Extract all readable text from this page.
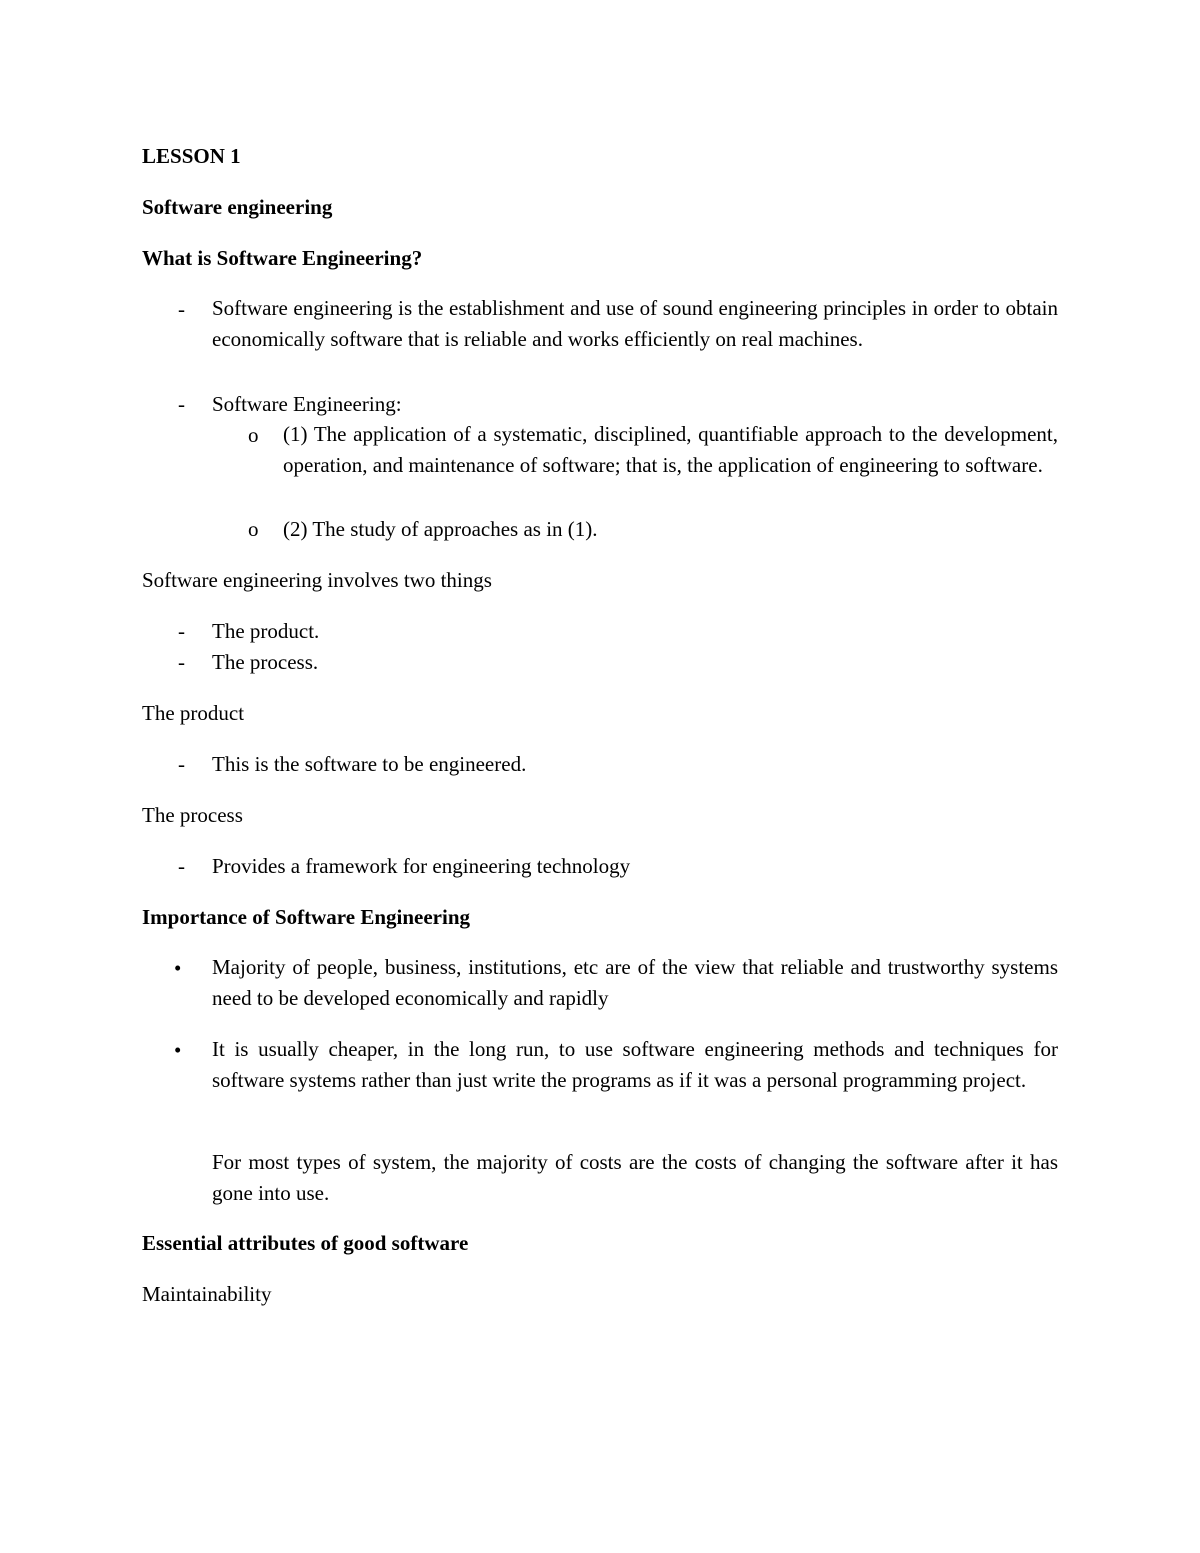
LESSON 1
Software engineering
What is Software Engineering?
- Software engineering is the establishment and use of sound engineering principles in order to obtain economically software that is reliable and works efficiently on real machines.
- Software Engineering:
o (1) The application of a systematic, disciplined, quantifiable approach to the development, operation, and maintenance of software; that is, the application of engineering to software.
o (2) The study of approaches as in (1).
Software engineering involves two things
- The product.
- The process.
The product
- This is the software to be engineered.
The process
- Provides a framework for engineering technology
Importance of Software Engineering
• Majority of people, business, institutions, etc are of the view that reliable and trustworthy systems need to be developed economically and rapidly
• It is usually cheaper, in the long run, to use software engineering methods and techniques for software systems rather than just write the programs as if it was a personal programming project.
For most types of system, the majority of costs are the costs of changing the software after it has gone into use.
Essential attributes of good software
Maintainability
